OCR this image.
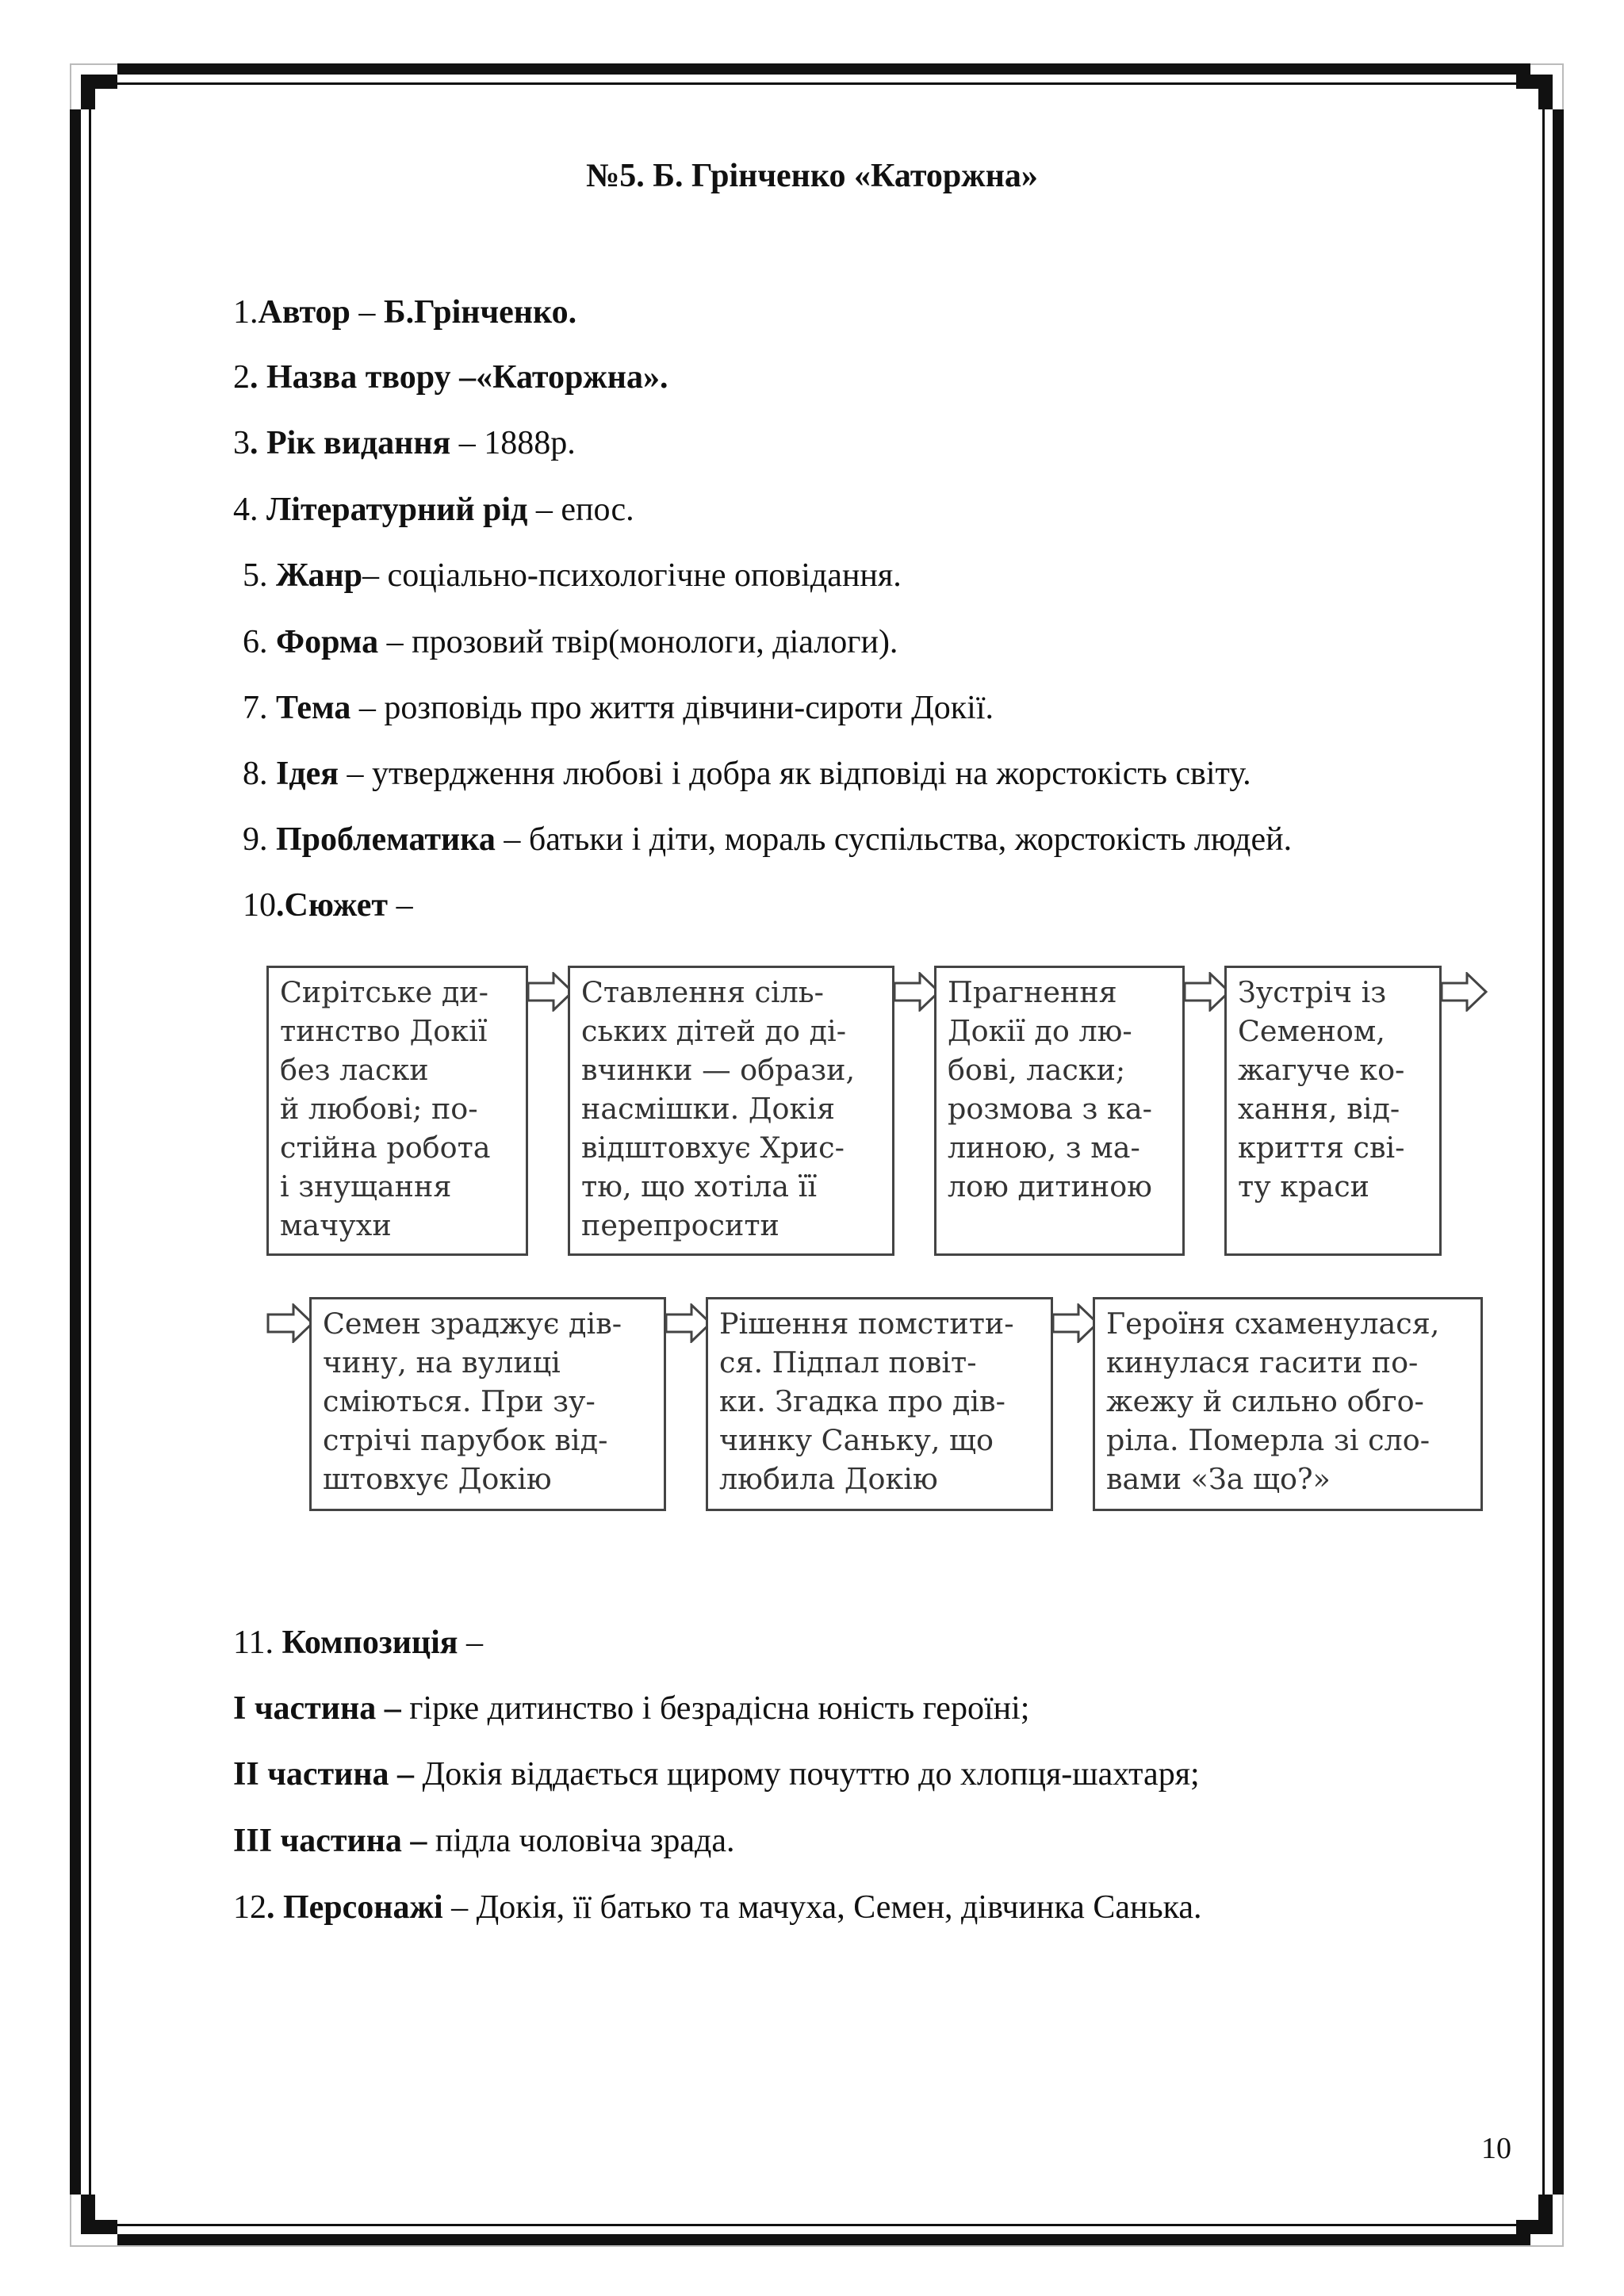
№5. Б. Грінченко «Каторжна»
1.Автор – Б.Грінченко.
2. Назва твору –«Каторжна».
3. Рік видання – 1888р.
4. Літературний рід – епос.
5. Жанр– соціально-психологічне оповідання.
6. Форма – прозовий твір(монологи, діалоги).
7. Тема – розповідь про життя дівчини-сироти Докії.
8. Ідея – утвердження любові і добра як відповіді на жорстокість світу.
9. Проблематика – батьки і діти, мораль суспільства, жорстокість людей.
10.Сюжет –
Сирітське ди-
тинство Докії
без ласки
й любові; по-
стійна робота
і знущання
мачухи
Ставлення сіль-
ських дітей до ді-
вчинки — образи,
насмішки. Докія
відштовхує Хрис-
тю, що хотіла її
перепросити
Прагнення
Докії до лю-
бові, ласки;
розмова з ка-
линою, з ма-
лою дитиною
Зустріч із
Семеном,
жагуче ко-
хання, від-
криття сві-
ту краси
Семен зраджує дів-
чину, на вулиці
сміються. При зу-
стрічі парубок від-
штовхує Докію
Рішення помстити-
ся. Підпал повіт-
ки. Згадка про дів-
чинку Саньку, що
любила Докію
Героїня схаменулася,
кинулася гасити по-
жежу й сильно обго-
ріла. Померла зі сло-
вами «За що?»
11. Композиція –
І частина – гірке дитинство і безрадісна юність героїні;
ІІ частина – Докія віддається щирому почуттю до хлопця-шахтаря;
ІІІ частина – підла чоловіча зрада.
12. Персонажі – Докія, її батько та мачуха, Семен, дівчинка Санька.
10
